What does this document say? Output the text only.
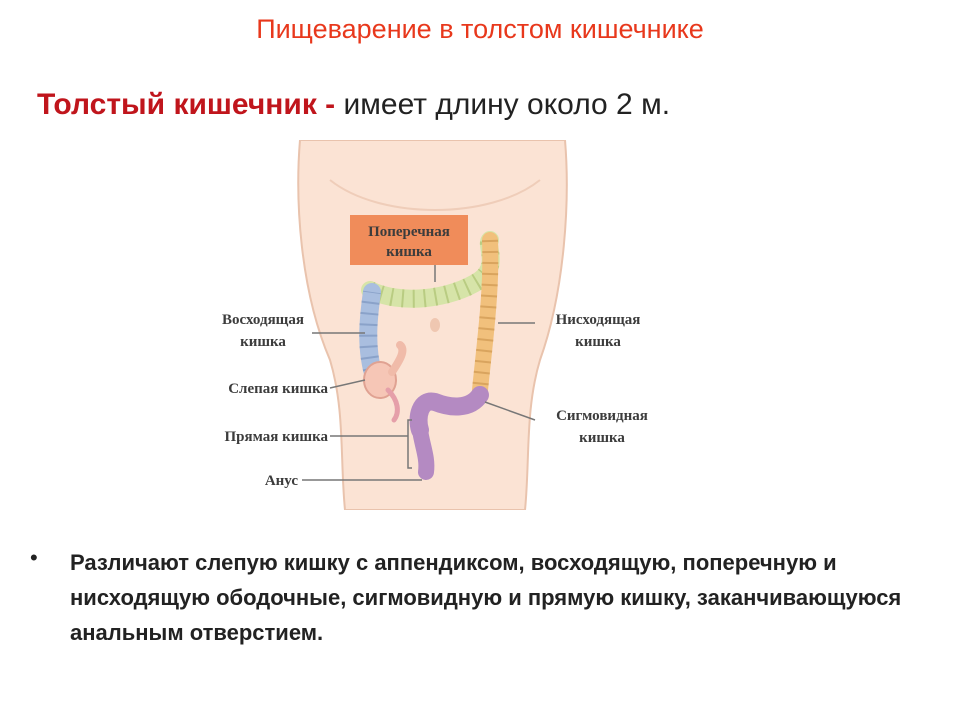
Пищеварение в толстом кишечнике
Толстый кишечник - имеет длину около 2 м.
Поперечная
кишка
Восходящая
кишка
Нисходящая
кишка
Слепая кишка
Сигмовидная
кишка
Прямая кишка
Анус
• Различают слепую кишку с аппендиксом, восходящую, поперечную и нисходящую ободочные, сигмовидную и прямую кишку, заканчивающуюся анальным отверстием.
